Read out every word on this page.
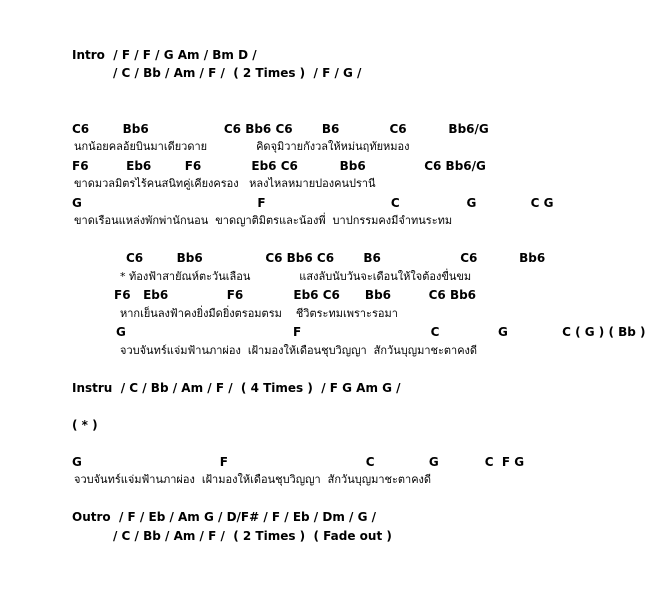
Intro  / F / F / G Am / Bm D /
/ C / Bb / Am / F /  ( 2 Times )  / F / G /
C6        Bb6                  C6 Bb6 C6       B6            C6          Bb6/G
นกน้อยคลอ้ยบินมาเดียวดาย              คิดจุมิวายกังวลให้หม่นฤทัยหมอง
F6         Eb6        F6            Eb6 C6          Bb6              C6 Bb6/G
ขาดมวลมิตรไร้คนสนิทคู่เคียงครอง   หลงไหลหมายปองคนปรานี
G                                          F                              C                G             C G
ขาดเรือนแหล่งพักพ่านักนอน  ขาดญาติมิตรและน้องพี่  บาปกรรมคงมีจำทนระทม
C6        Bb6               C6 Bb6 C6       B6                   C6          Bb6
* ท้องฟ้าสายัณห์ตะวันเลือน              แสงลับนับวันจะเดือนให้ใจต้องขื่นขม
F6   Eb6              F6            Eb6 C6      Bb6         C6 Bb6
หากเย็นลงฟ้าคงยิ่งมืดยิ่งตรอมตรม    ชีวิตระทมเพราะรอมา
G                                        F                               C              G             C ( G ) ( Bb )
จวบจันทร์แจ่มฟ้านภาผ่อง  เฝ้ามองให้เดือนชุบวิญญา  สักวันบุญมาชะตาคงดี
Instru  / C / Bb / Am / F /  ( 4 Times )  / F G Am G /
( * )
G                                 F                                 C             G           C  F G
จวบจันทร์แจ่มฟ้านภาผ่อง  เฝ้ามองให้เดือนชุบวิญญา  สักวันบุญมาชะตาคงดี
Outro  / F / Eb / Am G / D/F# / F / Eb / Dm / G /
/ C / Bb / Am / F /  ( 2 Times )  ( Fade out )
